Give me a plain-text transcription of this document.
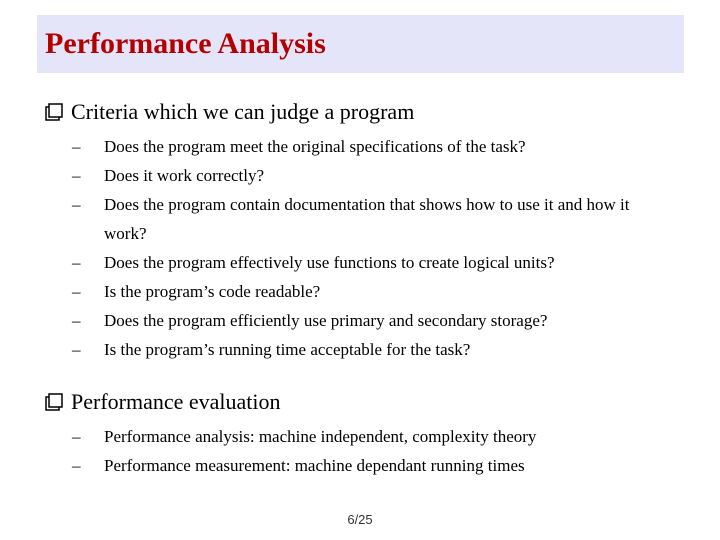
Performance Analysis
Criteria which we can judge a program
– Does the program meet the original specifications of the task?
– Does it work correctly?
– Does the program contain documentation that shows how to use it and how it work?
– Does the program effectively use functions to create logical units?
– Is the program’s code readable?
– Does the program efficiently use primary and secondary storage?
– Is the program’s running time acceptable for the task?
Performance evaluation
– Performance analysis: machine independent, complexity theory
– Performance measurement: machine dependant running times
6/25
